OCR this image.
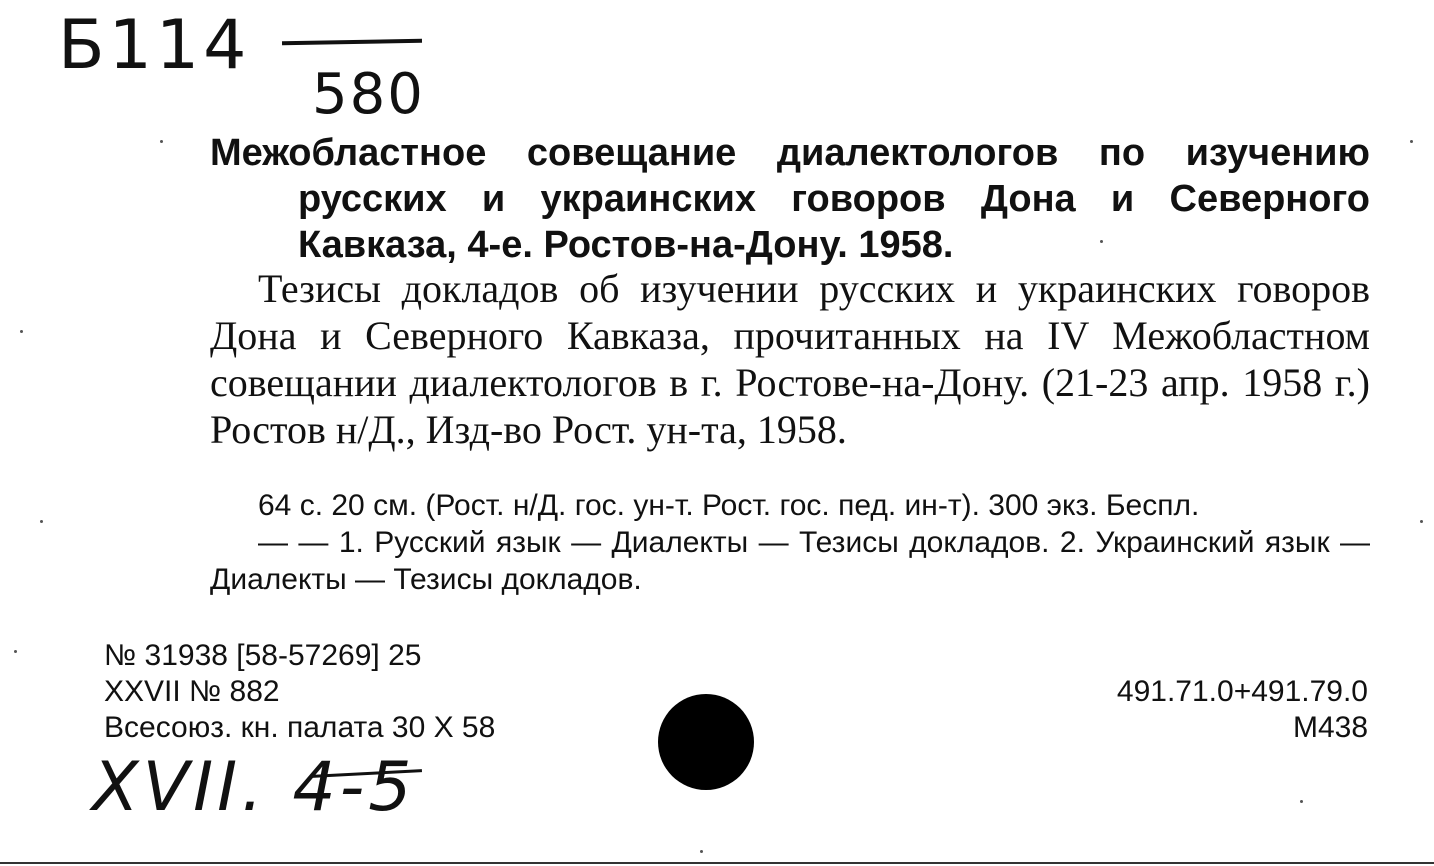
Б114
580
Межобластное совещание диалектологов по изучению
русских и украинских говоров Дона и Северного Кавказа, 4-е. Ростов-на-Дону. 1958.
Тезисы докладов об изучении русских и украинских говоров Дона и Северного Кавказа, прочитанных на IV Межобластном совещании диалектологов в г. Ростове-на-Дону. (21-23 апр. 1958 г.) Ростов н/Д., Изд-во Рост. ун-та, 1958.

64 с. 20 см. (Рост. н/Д. гос. ун-т. Рост. гос. пед. ин-т). 300 экз. Беспл.

— — 1. Русский язык — Диалекты — Тезисы докладов. 2. Украинский язык — Диалекты — Тезисы докладов.

№ 31938 [58-57269] 25
XXVII № 882
Всесоюз. кн. палата 30 X 58
491.71.0+491.79.0
М438
XVII. 4-5
